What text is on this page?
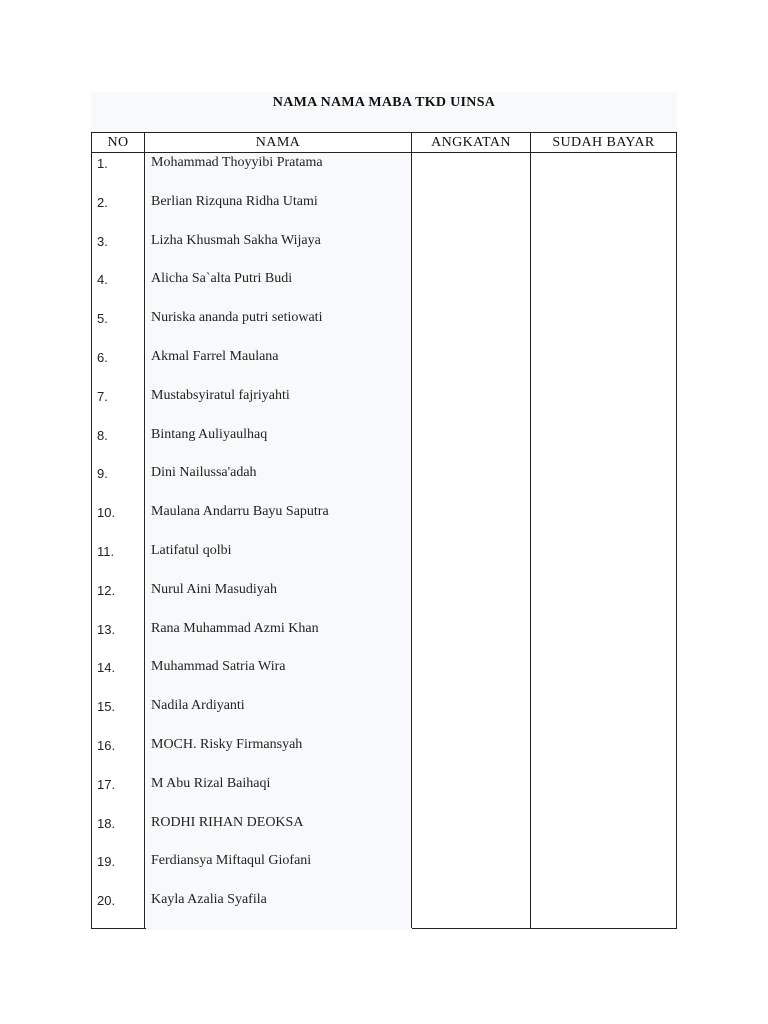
NAMA NAMA MABA TKD UINSA
NO	NAMA	ANGKATAN	SUDAH BAYAR
1.	Mohammad Thoyyibi Pratama
2.	Berlian Rizquna Ridha Utami
3.	Lizha Khusmah Sakha Wijaya
4.	Alicha Sa`alta Putri Budi
5.	Nuriska ananda putri setiowati
6.	Akmal Farrel Maulana
7.	Mustabsyiratul fajriyahti
8.	Bintang Auliyaulhaq
9.	Dini Nailussa'adah
10.	Maulana Andarru Bayu Saputra
11.	Latifatul qolbi
12.	Nurul Aini Masudiyah
13.	Rana Muhammad Azmi Khan
14.	Muhammad Satria Wira
15.	Nadila Ardiyanti
16.	MOCH. Risky Firmansyah
17.	M Abu Rizal Baihaqi
18.	RODHI RIHAN DEOKSA
19.	Ferdiansya Miftaqul Giofani
20.	Kayla Azalia Syafila
